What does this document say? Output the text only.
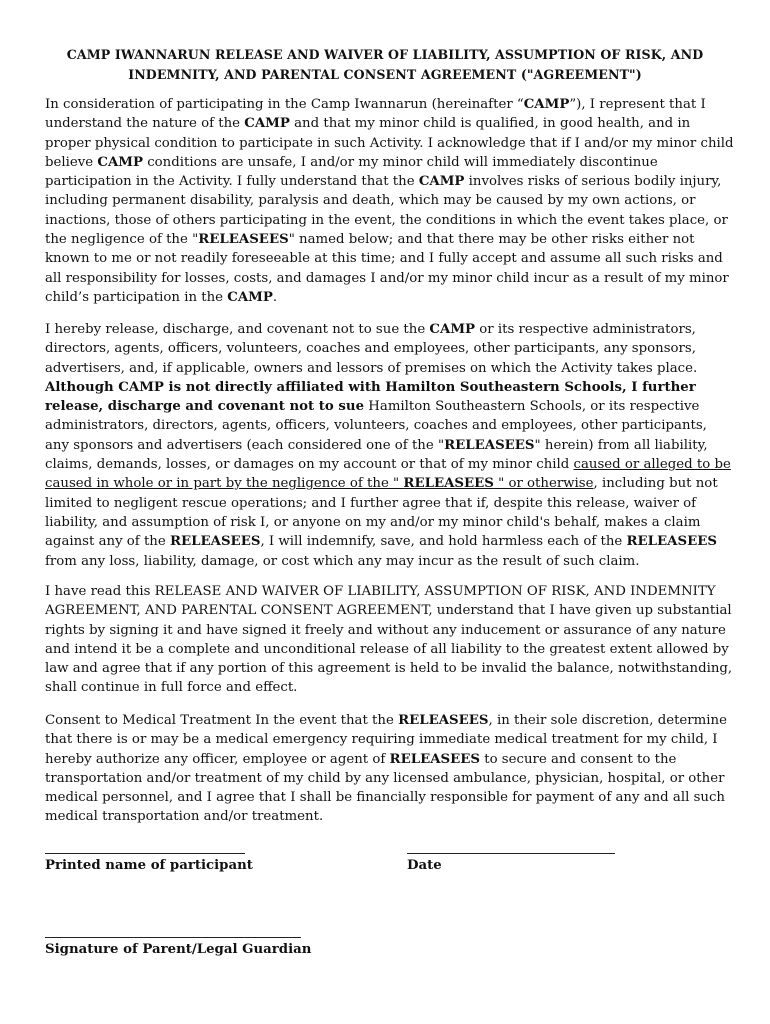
CAMP IWANNARUN RELEASE AND WAIVER OF LIABILITY, ASSUMPTION OF RISK, AND
INDEMNITY, AND PARENTAL CONSENT AGREEMENT ("AGREEMENT")

In consideration of participating in the Camp Iwannarun (hereinafter “CAMP”), I represent that I understand the nature of the CAMP and that my minor child is qualified, in good health, and in proper physical condition to participate in such Activity. I acknowledge that if I and/or my minor child believe CAMP conditions are unsafe, I and/or my minor child will immediately discontinue participation in the Activity. I fully understand that the CAMP involves risks of serious bodily injury, including permanent disability, paralysis and death, which may be caused by my own actions, or inactions, those of others participating in the event, the conditions in which the event takes place, or the negligence of the "RELEASEES" named below; and that there may be other risks either not known to me or not readily foreseeable at this time; and I fully accept and assume all such risks and all responsibility for losses, costs, and damages I and/or my minor child incur as a result of my minor child’s participation in the CAMP.

I hereby release, discharge, and covenant not to sue the CAMP or its respective administrators, directors, agents, officers, volunteers, coaches and employees, other participants, any sponsors, advertisers, and, if applicable, owners and lessors of premises on which the Activity takes place. Although CAMP is not directly affiliated with Hamilton Southeastern Schools, I further release, discharge and covenant not to sue Hamilton Southeastern Schools, or its respective administrators, directors, agents, officers, volunteers, coaches and employees, other participants, any sponsors and advertisers (each considered one of the "RELEASEES" herein) from all liability, claims, demands, losses, or damages on my account or that of my minor child caused or alleged to be caused in whole or in part by the negligence of the " RELEASEES " or otherwise, including but not limited to negligent rescue operations; and I further agree that if, despite this release, waiver of liability, and assumption of risk I, or anyone on my and/or my minor child's behalf, makes a claim against any of the RELEASEES, I will indemnify, save, and hold harmless each of the RELEASEES from any loss, liability, damage, or cost which any may incur as the result of such claim.

I have read this RELEASE AND WAIVER OF LIABILITY, ASSUMPTION OF RISK, AND INDEMNITY AGREEMENT, AND PARENTAL CONSENT AGREEMENT, understand that I have given up substantial rights by signing it and have signed it freely and without any inducement or assurance of any nature and intend it be a complete and unconditional release of all liability to the greatest extent allowed by law and agree that if any portion of this agreement is held to be invalid the balance, notwithstanding, shall continue in full force and effect.

Consent to Medical Treatment In the event that the RELEASEES, in their sole discretion, determine that there is or may be a medical emergency requiring immediate medical treatment for my child, I hereby authorize any officer, employee or agent of RELEASEES to secure and consent to the transportation and/or treatment of my child by any licensed ambulance, physician, hospital, or other medical personnel, and I agree that I shall be financially responsible for payment of any and all such medical transportation and/or treatment.

Printed name of participant	Date
Signature of Parent/Legal Guardian
